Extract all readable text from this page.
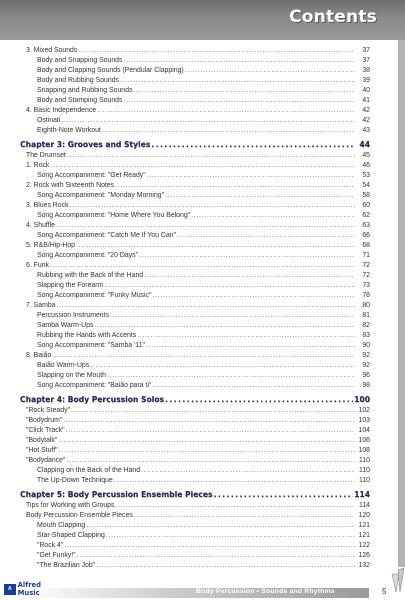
Contents
3. Mixed Sounds . . .	37
Body and Snapping Sounds . . .	37
Body and Clapping Sounds (Pendular Clapping) . . .	38
Body and Rubbing Sounds . . .	39
Snapping and Rubbing Sounds . . .	40
Body and Stamping Sounds . . .	41
4. Basic Independence . . .	42
Ostinati . . .	42
Eighth-Note Workout . . .	43
Chapter 3: Grooves and Styles . . .	44
The Drumset . . .	45
1. Rock . . .	46
Song Accompaniment: "Get Ready" . . .	53
2. Rock with Sixteenth Notes . . .	54
Song Accompaniment: "Monday Morning" . . .	58
3. Blues Rock . . .	60
Song Accompaniment: "Home Where You Belong" . . .	62
4. Shuffle . . .	63
Song Accompaniment: "Catch Me If You Can" . . .	66
5. R&B/Hip-Hop . . .	68
Song Accompaniment: "20 Days" . . .	71
6. Funk . . .	72
Rubbing with the Back of the Hand . . .	72
Slapping the Forearm . . .	73
Song Accompaniment: "Funky Music" . . .	78
7. Samba . . .	80
Percussion Instruments . . .	81
Samba Warm-Ups . . .	82
Rubbing the Hands with Accents . . .	83
Song Accompaniment: "Samba '11" . . .	90
8. Baião . . .	92
Baião Warm-Ups . . .	92
Slapping on the Mouth . . .	96
Song Accompaniment: "Baião para ti" . . .	98
Chapter 4: Body Percussion Solos . . .	100
"Rock Steady" . . .	102
"Bodydrum" . . .	103
"Click Track" . . .	104
"Bodytalk" . . .	106
"Hot Stuff" . . .	108
"Bodydance" . . .	110
Clapping on the Back of the Hand . . .	110
The Up-Down Technique . . .	110
Chapter 5: Body Percussion Ensemble Pieces . . .	114
Tips for Working with Groups . . .	114
Body Percussion Ensemble Pieces . . .	120
Mouth Clapping . . .	121
Star-Shaped Clapping . . .	121
"Rock 4" . . .	122
"Get Funky!" . . .	126
"The Brazilian Job" . . .	132
A Alfred Music	Body Percussion • Sounds and Rhythms	5
